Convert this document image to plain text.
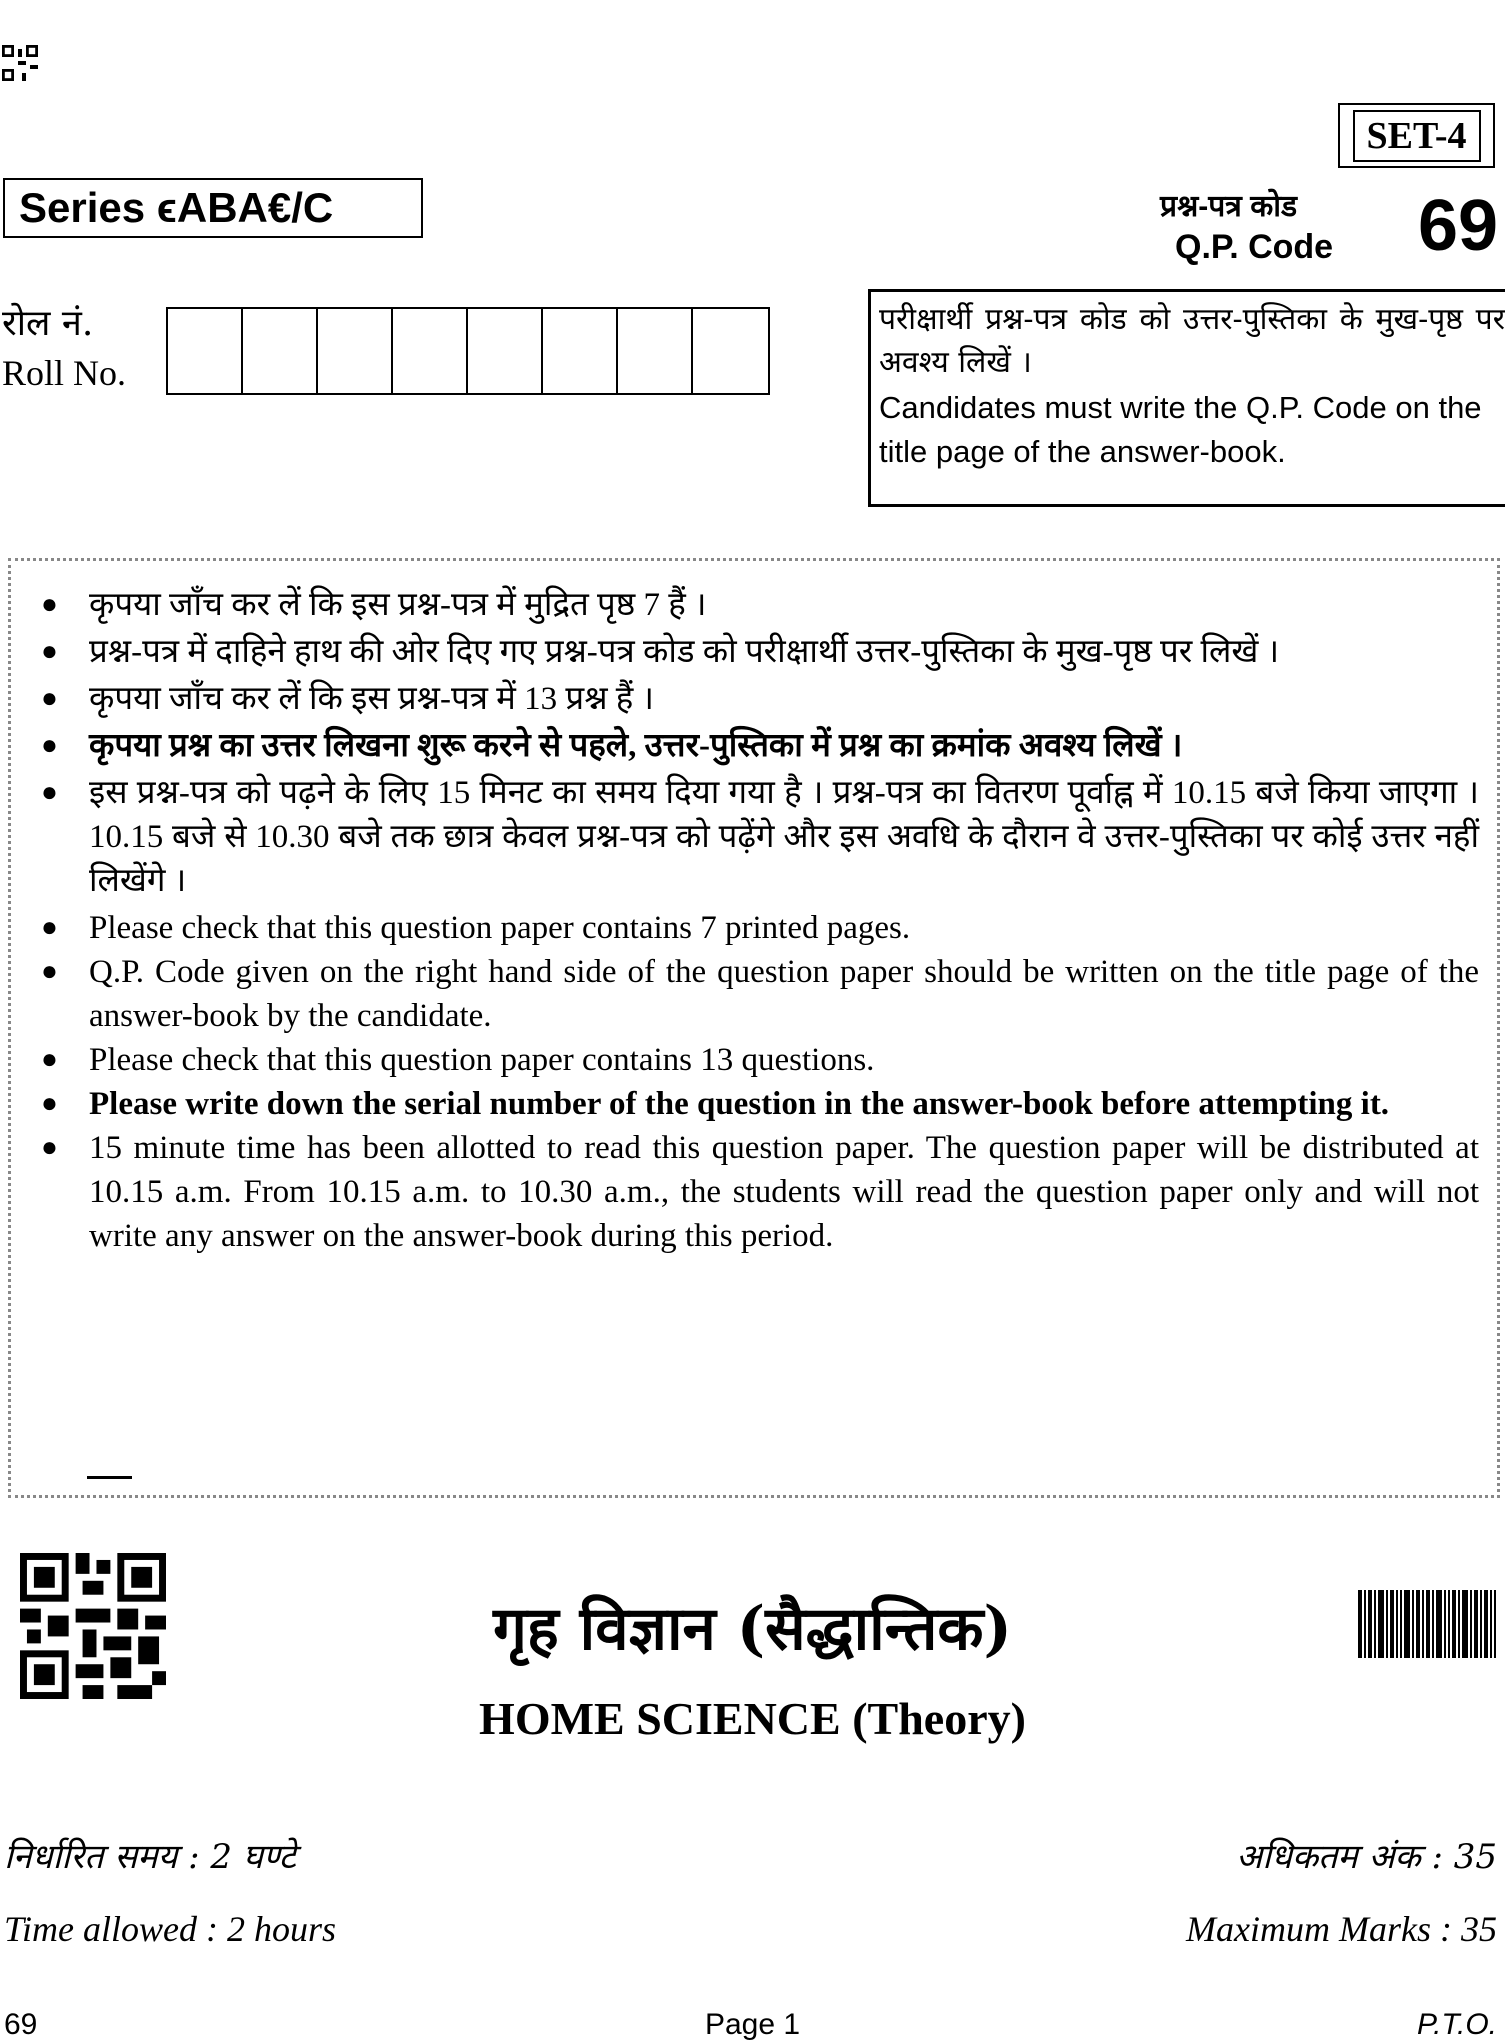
SET-4
Series ϵABA€/C	प्रश्न-पत्र कोड
Q.P. Code 69
रोल नं.
Roll No.
परीक्षार्थी प्रश्न-पत्र कोड को उत्तर-पुस्तिका के मुख-पृष्ठ पर अवश्य लिखें ।
Candidates must write the Q.P. Code on the title page of the answer-book.
● कृपया जाँच कर लें कि इस प्रश्न-पत्र में मुद्रित पृष्ठ 7 हैं ।
● प्रश्न-पत्र में दाहिने हाथ की ओर दिए गए प्रश्न-पत्र कोड को परीक्षार्थी उत्तर-पुस्तिका के मुख-पृष्ठ पर लिखें ।
● कृपया जाँच कर लें कि इस प्रश्न-पत्र में 13 प्रश्न हैं ।
● कृपया प्रश्न का उत्तर लिखना शुरू करने से पहले, उत्तर-पुस्तिका में प्रश्न का क्रमांक अवश्य लिखें ।
● इस प्रश्न-पत्र को पढ़ने के लिए 15 मिनट का समय दिया गया है । प्रश्न-पत्र का वितरण पूर्वाह्न में 10.15 बजे किया जाएगा । 10.15 बजे से 10.30 बजे तक छात्र केवल प्रश्न-पत्र को पढ़ेंगे और इस अवधि के दौरान वे उत्तर-पुस्तिका पर कोई उत्तर नहीं लिखेंगे ।
● Please check that this question paper contains 7 printed pages.
● Q.P. Code given on the right hand side of the question paper should be written on the title page of the answer-book by the candidate.
● Please check that this question paper contains 13 questions.
● Please write down the serial number of the question in the answer-book before attempting it.
● 15 minute time has been allotted to read this question paper. The question paper will be distributed at 10.15 a.m. From 10.15 a.m. to 10.30 a.m., the students will read the question paper only and will not write any answer on the answer-book during this period.
गृह विज्ञान (सैद्धान्तिक)
HOME SCIENCE (Theory)
निर्धारित समय : 2 घण्टे
Time allowed : 2 hours
अधिकतम अंक : 35
Maximum Marks : 35
69	Page 1	P.T.O.
